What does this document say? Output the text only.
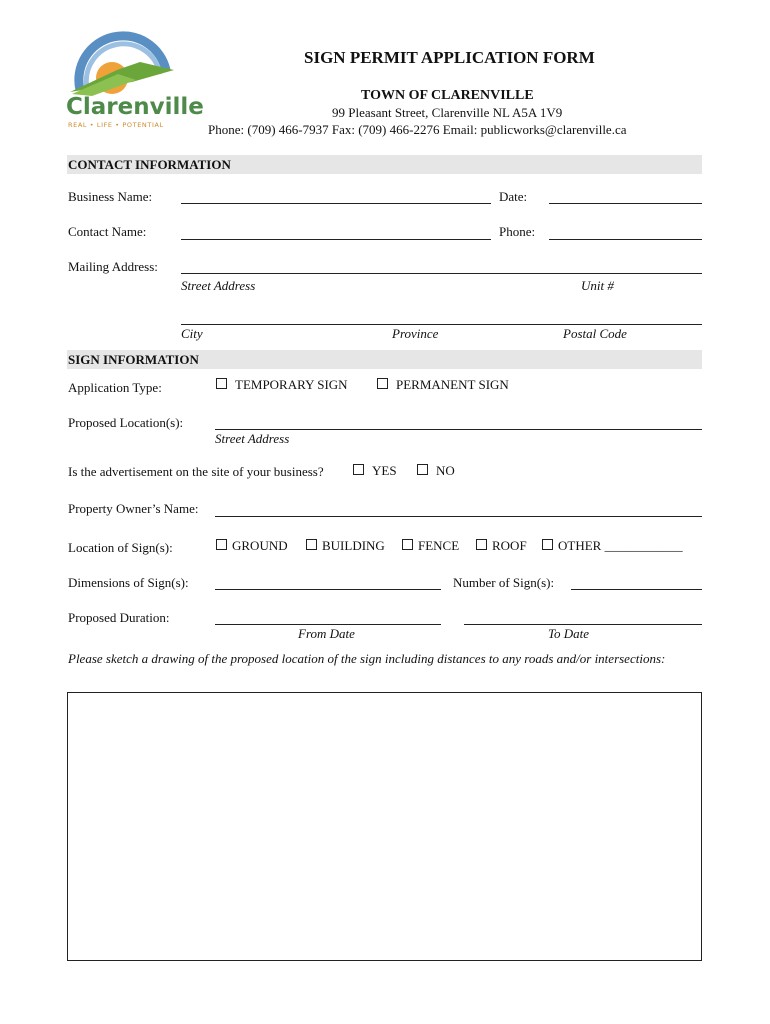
Clarenville
REAL • LIFE • POTENTIAL
SIGN PERMIT APPLICATION FORM
TOWN OF CLARENVILLE
99 Pleasant Street, Clarenville NL A5A 1V9
Phone: (709) 466-7937 Fax: (709) 466-2276 Email: publicworks@clarenville.ca
CONTACT INFORMATION
Business Name:	Date:
Contact Name:	Phone:
Mailing Address:
Street Address	Unit #
City	Province	Postal Code
SIGN INFORMATION
Application Type:	TEMPORARY SIGN	PERMANENT SIGN
Proposed Location(s):
Street Address
Is the advertisement on the site of your business?	YES	NO
Property Owner’s Name:
Location of Sign(s):	GROUND	BUILDING	FENCE	ROOF	OTHER ____________
Dimensions of Sign(s):	Number of Sign(s):
Proposed Duration:
From Date	To Date
Please sketch a drawing of the proposed location of the sign including distances to any roads and/or intersections:
